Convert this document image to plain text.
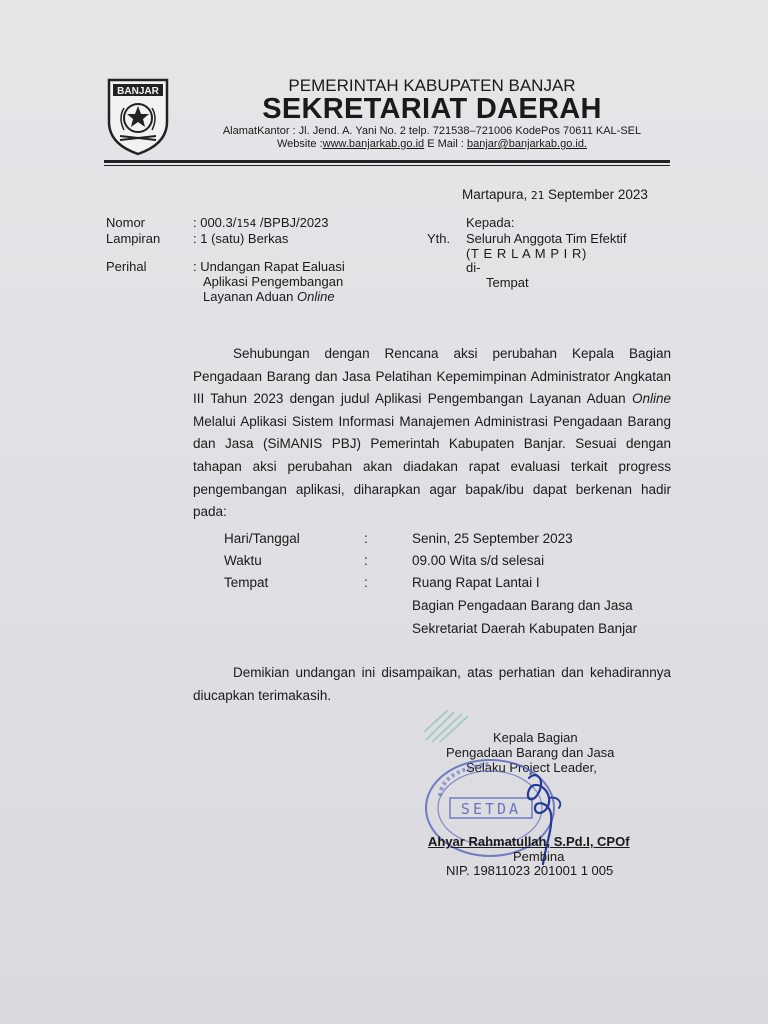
BANJAR	PEMERINTAH KABUPATEN BANJAR
SEKRETARIAT DAERAH
AlamatKantor : Jl. Jend. A. Yani No. 2 telp. 721538–721006 KodePos 70611 KAL-SEL
Website :www.banjarkab.go.id E Mail : banjar@banjarkab.go.id.
Martapura, 21 September 2023
Nomor	: 000.3/154 /BPBJ/2023
Lampiran	: 1 (satu) Berkas
Perihal	: Undangan Rapat Ealuasi
Aplikasi Pengembangan
Layanan Aduan Online
Kepada:
Yth. Seluruh Anggota Tim Efektif
(T E R L A M P I R)
di-
Tempat

Sehubungan dengan Rencana aksi perubahan Kepala Bagian Pengadaan Barang dan Jasa Pelatihan Kepemimpinan Administrator Angkatan III Tahun 2023 dengan judul Aplikasi Pengembangan Layanan Aduan Online Melalui Aplikasi Sistem Informasi Manajemen Administrasi Pengadaan Barang dan Jasa (SiMANIS PBJ) Pemerintah Kabupaten Banjar. Sesuai dengan tahapan aksi perubahan akan diadakan rapat evaluasi terkait progress pengembangan aplikasi, diharapkan agar bapak/ibu dapat berkenan hadir pada:

Hari/Tanggal	:	Senin, 25 September 2023
Waktu	:	09.00 Wita s/d selesai
Tempat	:	Ruang Rapat Lantai I
Bagian Pengadaan Barang dan Jasa
Sekretariat Daerah Kabupaten Banjar

Demikian undangan ini disampaikan, atas perhatian dan kehadirannya diucapkan terimakasih.

Kepala Bagian
Pengadaan Barang dan Jasa
Selaku Project Leader,
SETDA
Ahyar Rahmatullah, S.Pd.I, CPOf
Pembina
NIP. 19811023 201001 1 005
